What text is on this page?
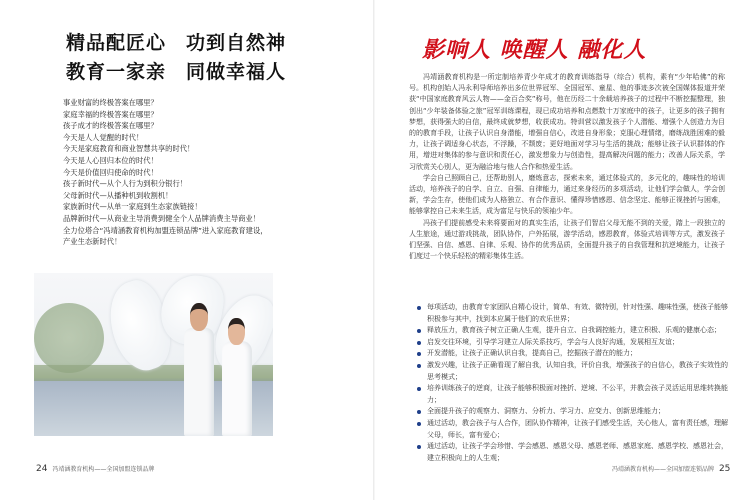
精品配匠心　功到自然神
教育一家亲　同做幸福人
事业财富的终极答案在哪里？
家庭幸福的终极答案在哪里？
孩子成才的终极答案在哪里？
今天是人人觉醒的时代！
今天是家庭教育和商业智慧共享的时代！
今天是人心回归本位的时代！
今天是价值回归使命的时代！
孩子新时代—从个人行为到积分银行！
父母新时代—从播种机到收割机！
家族新时代—从单一家庭到生态家族链接！
品牌新时代—从商业主导消费到健全个人品牌消费主导商业！
全力位塔合“冯靖涵教育机构加盟连锁品牌”进入家庭教育建设，
产业生态新时代！
24 冯靖涵教育机构——全国加盟连锁品牌
影响人 唤醒人 融化人

冯靖涵教育机构是一所定制培养青少年成才的教育训练指导（综合）机构，素有“少年哈佛”的称号。机构创始人冯永利导师培养出多位世界冠军、全国冠军、童星、他的事迹多次被全国媒体报道并荣获“中国家庭教育风云人物——金百合奖”称号，他在历经二十余载培养孩子的过程中不断挖掘整理，独创出“少年装备体验之旅”冠军训练课程，现已成功培养和点燃数十万家庭中的孩子，让更多的孩子拥有梦想，获得强大的自信，最终成就梦想，收获成功。特训营以激发孩子个人潜能、增强个人创造力为目的的教育手段，让孩子认识自身潜能，增强自信心，改进自身形象；克服心理情绪，磨练战胜困难的毅力，让孩子调适身心状态，不浮躁，不颓废；更好地面对学习与生活的挑战；能够让孩子认识群体的作用，增进对集体的参与意识和责任心，激发想象力与创造性，提高解决问题的能力；改善人际关系，学习欣赏关心别人，更为融洽地与他人合作和热爱生活。

学会自己照顾自己，还帮助别人，磨炼意志，探索未来，通过体验式的，多元化的，趣味性的培训活动，培养孩子的自学、自立、自强、自律能力，通过来身经历的多项活动，让他们学会做人，学会创新，学会生存，使他们成为人格独立、有合作意识、懂得珍惜感恩、信念坚定、能够正视挫折与困难，能够掌控自己未来生活，成为富足与快乐的领袖少年。

冯孩子们提前感受未来将要面对的真实生活，让孩子们智启父母无能不到的关爱，踏上一段独立的人生旅途，通过游戏挑战，团队协作，户外拓展，游学活动，感恩教育，体验式培训等方式，激发孩子们坚强、自信、感恩、自律、乐观、协作的优秀品质，全面提升孩子的自我管理和抗逆境能力，让孩子们度过一个快乐轻松的精彩集体生活。

每项活动，由教育专家团队自精心设计，简单、有效、微特别，针对性强、趣味性强，使孩子能够积极参与其中，找到本应属于他们的欢乐世界；
释放压力，教育孩子树立正确人生观，提升自立、自我调控能力，建立积极、乐观的健康心态；
启发交往环境，引导学习建立人际关系技巧，学会与人良好沟通，发展相互友谊；
开发潜能，让孩子正确认识自我，提高自己，挖掘孩子潜在的能力；
激发兴趣，让孩子正确看现了解自我，认知自我，评价自我，增强孩子的自信心，教孩子实效性的思考模式；
培养训练孩子的逆商，让孩子能够积极面对挫折、逆境、不公平，并教会孩子灵活运用思维转换能力；
全面提升孩子的观察力、洞察力、分析力、学习力、应变力、创新思维能力；
通过活动，教会孩子与人合作，团队协作精神，让孩子们感受生活，关心他人，富有责任感，理解父母，师长，富有爱心；
通过活动，让孩子学会珍惜、学会感恩、感恩父母、感恩老师、感恩家庭、感恩学校、感恩社会，建立积极向上的人生观；
冯靖涵教育机构——全国加盟连锁品牌 25
